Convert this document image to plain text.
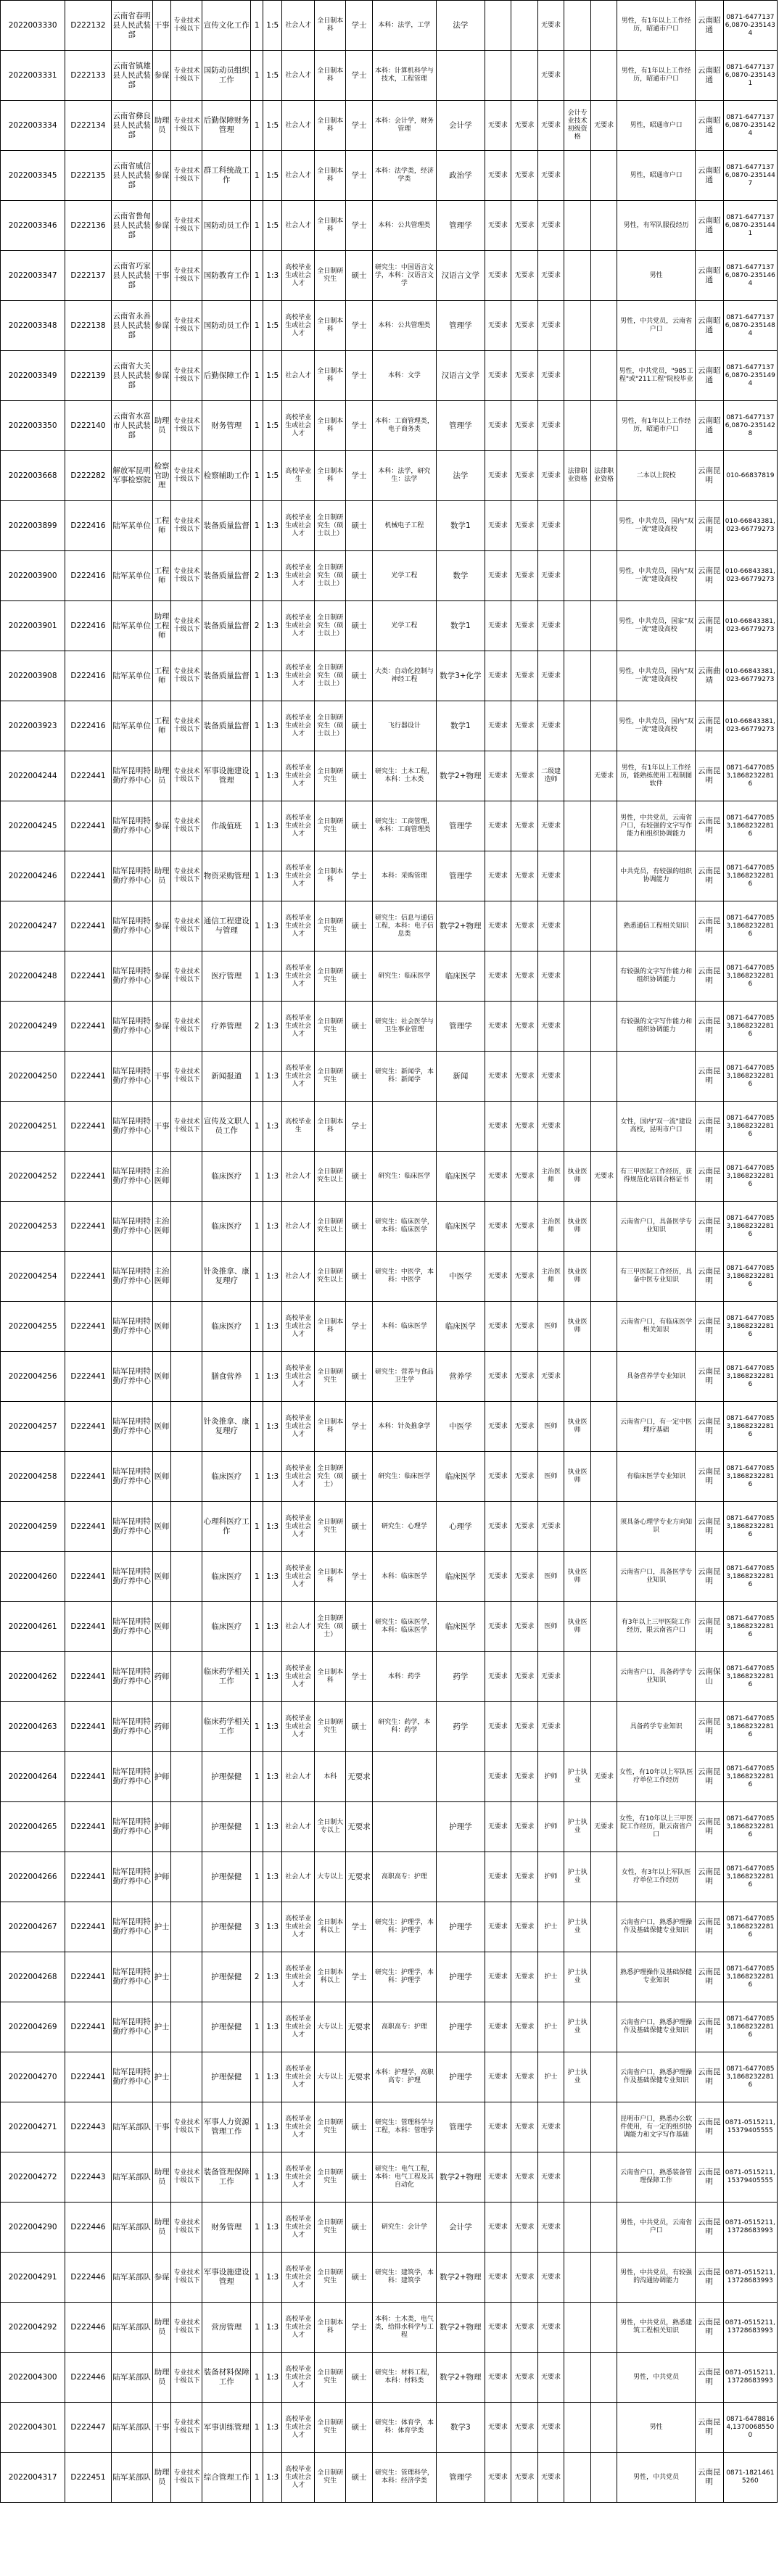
2022003330	D222132	云南省春明县人民武装部	干事	专业技术十级以下	宣传文化工作	1	1:5	社会人才	全日制本科	学士	本科：法学，工学	法学			无要求			男性，有1年以上工作经历，昭通市户口	云南昭通	0871-64771376,0870-2351434
2022003331	D222133	云南省镇雄县人民武装部	参谋	专业技术十级以下	国防动员组织工作	1	1:5	社会人才	全日制本科	学士	本科：计算机科学与技术，工程管理				无要求			男性，有1年以上工作经历，昭通市户口	云南昭通	0871-64771376,0870-2351431
2022003334	D222134	云南省彝良县人民武装部	助理员	专业技术十级以下	后勤保障财务管理	1	1:5	社会人才	全日制本科	学士	本科：会计学，财务管理	会计学	无要求	无要求	无要求	会计专业技术初级资格	无要求	男性，昭通市户口	云南昭通	0871-64771376,0870-2351424
2022003345	D222135	云南省威信县人民武装部	参谋	专业技术十级以下	群工科统战工作	1	1:5	社会人才	全日制本科	学士	本科：法学类，经济学类	政治学	无要求	无要求	无要求			男性，昭通市户口	云南昭通	0871-64771376,0870-2351447
2022003346	D222136	云南省鲁甸县人民武装部	参谋	专业技术十级以下	国防动员工作	1	1:5	社会人才	全日制本科	学士	本科：公共管理类	管理学	无要求	无要求	无要求			男性，有军队服役经历	云南昭通	0871-64771376,0870-2351441
2022003347	D222137	云南省巧家县人民武装部	干事	专业技术十级以下	国防教育工作	1	1:3	高校毕业生或社会人才	全日制研究生	硕士	研究生：中国语言文学，本科：汉语言文学	汉语言文学	无要求	无要求	无要求			男性	云南昭通	0871-64771376,0870-2351464
2022003348	D222138	云南省永善县人民武装部	参谋	专业技术十级以下	国防动员工作	1	1:5	高校毕业生或社会人才	全日制本科	学士	本科：公共管理类	管理学	无要求	无要求	无要求			男性，中共党员，云南省户口	云南昭通	0871-64771376,0870-2351484
2022003349	D222139	云南省大关县人民武装部	参谋	专业技术十级以下	后勤保障工作	1	1:5	社会人才	全日制本科	学士	本科：文学	汉语言文学	无要求	无要求	无要求			男性，中共党员，"985工程"或"211工程"院校毕业	云南昭通	0871-64771376,0870-2351494
2022003350	D222140	云南省水富市人民武装部	助理员	专业技术十级以下	财务管理	1	1:5	高校毕业生或社会人才	全日制本科	学士	本科：工商管理类，电子商务类	管理学	无要求	无要求	无要求			男性，有1年以上工作经历，昭通市户口	云南昭通	0871-64771376,0870-2351428
2022003668	D222282	解放军昆明军事检察院	检察官助理	专业技术十级以下	检察辅助工作	1	1:5	高校毕业生	全日制本科	学士	本科：法学，研究生：法学	法学	无要求	无要求	无要求	法律职业资格	法律职业资格	二本以上院校	云南昆明	010-66837819
2022003899	D222416	陆军某单位	工程师	专业技术十级以下	装备质量监督	1	1:3	高校毕业生或社会人才	全日制研究生（硕士以上）	硕士	机械电子工程	数学1	无要求	无要求	无要求			男性，中共党员，国内"双一流"建设高校	云南昆明	010-66843381,023-66779273
2022003900	D222416	陆军某单位	工程师	专业技术十级以下	装备质量监督	2	1:3	高校毕业生或社会人才	全日制研究生（硕士以上）	硕士	光学工程	数学	无要求	无要求	无要求			男性，中共党员，国内"双一流"建设高校	云南昆明	010-66843381,023-66779273
2022003901	D222416	陆军某单位	助理工程师	专业技术十级以下	装备质量监督	2	1:3	高校毕业生或社会人才	全日制研究生（硕士以上）	硕士	光学工程	数学1	无要求	无要求	无要求			男性，中共党员，国家"双一流"建设高校	云南昆明	010-66843381,023-66779273
2022003908	D222416	陆军某单位	工程师	专业技术十级以下	装备质量监督	1	1:3	高校毕业生或社会人才	全日制研究生（硕士以上）	硕士	大类：自动化控制与神经工程	数学3+化学	无要求	无要求	无要求			男性，中共党员，国内"双一流"建设高校	云南曲靖	010-66843381,023-66779273
2022003923	D222416	陆军某单位	工程师	专业技术十级以下	装备质量监督	1	1:3	高校毕业生或社会人才	全日制研究生（硕士以上）	硕士	飞行器设计	数学1	无要求	无要求	无要求			男性，中共党员，国内"双一流"建设高校	云南昆明	010-66843381,023-66779273
2022004244	D222441	陆军昆明特勤疗养中心	助理员	专业技术十级以下	军事设施建设管理	1	1:3	高校毕业生或社会人才	全日制研究生	硕士	研究生：土木工程，本科：土木类	数学2+物理	无要求	无要求	二级建造师		无要求	男性，有1年以上工作经历，能熟练使用工程制图软件	云南昆明	0871-64770853,18682322816
2022004245	D222441	陆军昆明特勤疗养中心	参谋	专业技术十级以下	作战值班	1	1:3	高校毕业生或社会人才	全日制研究生	硕士	研究生：工商管理，本科：工商管理类	管理学	无要求	无要求	无要求			男性，中共党员，云南省户口，有较强的文字写作能力和组织协调能力	云南昆明	0871-64770853,18682322816
2022004246	D222441	陆军昆明特勤疗养中心	助理员	专业技术十级以下	物资采购管理	1	1:3	高校毕业生或社会人才	全日制本科	学士	本科：采购管理	管理学	无要求	无要求	无要求			中共党员，有较强的组织协调能力	云南昆明	0871-64770853,18682322816
2022004247	D222441	陆军昆明特勤疗养中心	参谋	专业技术十级以下	通信工程建设与管理	1	1:3	高校毕业生或社会人才	全日制研究生	硕士	研究生：信息与通信工程，本科：电子信息类	数学2+物理	无要求	无要求	无要求			熟悉通信工程相关知识	云南昆明	0871-64770853,18682322816
2022004248	D222441	陆军昆明特勤疗养中心	参谋	专业技术十级以下	医疗管理	1	1:3	高校毕业生或社会人才	全日制研究生	硕士	研究生：临床医学	临床医学	无要求	无要求	无要求			有较强的文字写作能力和组织协调能力	云南昆明	0871-64770853,18682322816
2022004249	D222441	陆军昆明特勤疗养中心	参谋	专业技术十级以下	疗养管理	2	1:3	高校毕业生或社会人才	全日制研究生	硕士	研究生：社会医学与卫生事业管理	管理学	无要求	无要求	无要求			有较强的文字写作能力和组织协调能力	云南昆明	0871-64770853,18682322816
2022004250	D222441	陆军昆明特勤疗养中心	干事	专业技术十级以下	新闻报道	1	1:3	高校毕业生或社会人才	全日制研究生	硕士	研究生：新闻学，本科：新闻学	新闻	无要求	无要求	无要求				云南昆明	0871-64770853,18682322816
2022004251	D222441	陆军昆明特勤疗养中心	干事	专业技术十级以下	宣传及文职人员工作	1	1:3	高校毕业生	全日制本科	学士			无要求	无要求	无要求			女性，国内"双一流"建设高校，昆明市户口	云南昆明	0871-64770853,18682322816
2022004252	D222441	陆军昆明特勤疗养中心	主治医师		临床医疗	1	1:3	社会人才	全日制研究生以上	硕士	研究生：临床医学	临床医学	无要求	无要求	主治医师	执业医师	无要求	有三甲医院工作经历，获得规范化培训合格证书	云南昆明	0871-64770853,18682322816
2022004253	D222441	陆军昆明特勤疗养中心	主治医师		临床医疗	1	1:3	社会人才	全日制研究生以上	硕士	研究生：临床医学，本科：临床医学	临床医学	无要求	无要求	主治医师	执业医师		云南省户口，具备医学专业知识	云南昆明	0871-64770853,18682322816
2022004254	D222441	陆军昆明特勤疗养中心	主治医师		针灸推拿、康复理疗	1	1:3	社会人才	全日制研究生以上	硕士	研究生：中医学，本科：中医学	中医学	无要求	无要求	主治医师	执业医师		有三甲医院工作经历，具备中医专业知识	云南昆明	0871-64770853,18682322816
2022004255	D222441	陆军昆明特勤疗养中心	医师		临床医疗	1	1:3	高校毕业生或社会人才	全日制本科	学士	本科：临床医学	临床医学	无要求	无要求	医师	执业医师		云南省户口，有临床医学相关知识	云南昆明	0871-64770853,18682322816
2022004256	D222441	陆军昆明特勤疗养中心	医师		膳食营养	1	1:3	高校毕业生或社会人才	全日制研究生	硕士	研究生：营养与食品卫生学	营养学	无要求	无要求	无要求			具备营养学专业知识	云南昆明	0871-64770853,18682322816
2022004257	D222441	陆军昆明特勤疗养中心	医师		针灸推拿、康复理疗	1	1:3	高校毕业生或社会人才	全日制本科	学士	本科：针灸推拿学	中医学	无要求	无要求	医师	执业医师		云南省户口，有一定中医理疗基础	云南昆明	0871-64770853,18682322816
2022004258	D222441	陆军昆明特勤疗养中心	医师		临床医疗	1	1:3	高校毕业生或社会人才	全日制研究生（硕士）	硕士	研究生：临床医学	临床医学	无要求	无要求	医师	执业医师		有临床医学专业知识	云南昆明	0871-64770853,18682322816
2022004259	D222441	陆军昆明特勤疗养中心	医师		心理科医疗工作	1	1:3	高校毕业生或社会人才	全日制研究生	硕士	研究生：心理学	心理学	无要求	无要求	无要求			须具备心理学专业方向知识	云南昆明	0871-64770853,18682322816
2022004260	D222441	陆军昆明特勤疗养中心	医师		临床医疗	1	1:3	高校毕业生或社会人才	全日制本科	学士	本科：临床医学	临床医学	无要求	无要求	医师	执业医师		云南省户口，具备医学专业知识	云南昆明	0871-64770853,18682322816
2022004261	D222441	陆军昆明特勤疗养中心	医师		临床医疗	1	1:3	社会人才	全日制研究生（硕士）	硕士	研究生：临床医学，本科：临床医学	临床医学	无要求	无要求	医师	执业医师		有3年以上三甲医院工作经历，限云南省户口	云南昆明	0871-64770853,18682322816
2022004262	D222441	陆军昆明特勤疗养中心	药师		临床药学相关工作	1	1:3	高校毕业生或社会人才	全日制本科	学士	本科：药学	药学	无要求	无要求	无要求			云南省户口，具备药学专业知识	云南保山	0871-64770853,18682322816
2022004263	D222441	陆军昆明特勤疗养中心	药师		临床药学相关工作	1	1:3	高校毕业生或社会人才	全日制研究生	硕士	研究生：药学，本科：药学	药学	无要求	无要求	无要求			具备药学专业知识	云南昆明	0871-64770853,18682322816
2022004264	D222441	陆军昆明特勤疗养中心	护师		护理保健	1	1:3	社会人才	本科	无要求			无要求	无要求	护师	护士执业	无要求	女性，有10年以上军队医疗单位工作经历	云南昆明	0871-64770853,18682322816
2022004265	D222441	陆军昆明特勤疗养中心	护师		护理保健	1	1:3	社会人才	全日制大专以上	无要求		护理学	无要求	无要求	护师	护士执业	无要求	女性，有10年以上三甲医院工作经历，限云南省户口	云南昆明	0871-64770853,18682322816
2022004266	D222441	陆军昆明特勤疗养中心	护师		护理保健	1	1:3	社会人才	大专以上	无要求	高职高专：护理		无要求	无要求	护师	护士执业		女性，有3年以上军队医疗单位工作经历	云南昆明	0871-64770853,18682322816
2022004267	D222441	陆军昆明特勤疗养中心	护士		护理保健	3	1:3	高校毕业生或社会人才	全日制本科以上	学士	研究生：护理学，本科：护理学	护理学	无要求	无要求	护士	护士执业		云南省户口，熟悉护理操作及基础保健专业知识	云南昆明	0871-64770853,18682322816
2022004268	D222441	陆军昆明特勤疗养中心	护士		护理保健	2	1:3	高校毕业生或社会人才	全日制本科以上	学士	研究生：护理学，本科：护理学	护理学	无要求	无要求	护士	护士执业		熟悉护理操作及基础保健专业知识	云南昆明	0871-64770853,18682322816
2022004269	D222441	陆军昆明特勤疗养中心	护士		护理保健	1	1:3	高校毕业生或社会人才	大专以上	无要求	高职高专：护理	护理学	无要求	无要求	护士	护士执业		云南省户口，熟悉护理操作及基础保健专业知识	云南昆明	0871-64770853,18682322816
2022004270	D222441	陆军昆明特勤疗养中心	护士		护理保健	1	1:3	高校毕业生或社会人才	大专以上	无要求	本科：护理学，高职高专：护理	护理学	无要求	无要求	护士	护士执业		云南省户口，熟悉护理操作及基础保健专业知识	云南昆明	0871-64770853,18682322816
2022004271	D222443	陆军某部队	干事	专业技术十级以下	军事人力资源管理工作	1	1:3	高校毕业生或社会人才	全日制研究生	硕士	研究生：管理科学与工程，本科：管理学	管理学	无要求	无要求	无要求			昆明市户口，熟悉办公软件使用，有一定的组织协调能力和文字写作基础	云南昆明	0871-0515211,15379405555
2022004272	D222443	陆军某部队	助理员	专业技术十级以下	装备管理保障工作	1	1:3	高校毕业生或社会人才	全日制研究生	硕士	研究生：电气工程，本科：电气工程及其自动化	数学2+物理	无要求	无要求	无要求			云南省户口，熟悉装备管理保障工作	云南昆明	0871-0515211,15379405555
2022004290	D222446	陆军某部队	助理员	专业技术十级以下	财务管理	1	1:3	高校毕业生或社会人才	全日制研究生	硕士	研究生：会计学	会计学	无要求	无要求	无要求			男性，中共党员，云南省户口	云南昆明	0871-0515211,13728683993
2022004291	D222446	陆军某部队	参谋	专业技术十级以下	军事设施建设管理	1	1:3	高校毕业生或社会人才	全日制研究生	硕士	研究生：建筑学，本科：建筑学	数学2+物理	无要求	无要求	无要求			男性，中共党员，有较强的沟通协调能力	云南昆明	0871-0515211,13728683993
2022004292	D222446	陆军某部队	助理员	专业技术十级以下	营房管理	1	1:3	高校毕业生或社会人才	全日制本科	学士	本科：土木类，电气类，给排水科学与工程	数学2+物理	无要求	无要求	无要求			男性，中共党员，熟悉建筑工程相关知识	云南昆明	0871-0515211,13728683993
2022004300	D222446	陆军某部队	助理员	专业技术十级以下	装备材料保障工作	1	1:3	高校毕业生或社会人才	全日制研究生	硕士	研究生：材料工程，本科：材料类	数学2+物理	无要求	无要求	无要求			男性，中共党员	云南昆明	0871-0515211,13728683993
2022004301	D222447	陆军某部队	干事	专业技术十级以下	军事训练管理	1	1:3	高校毕业生或社会人才	全日制研究生	硕士	研究生：体育学，本科：体育学类	数学3	无要求	无要求	无要求			男性	云南昆明	0871-64788164,13700685500
2022004317	D222451	陆军某部队	助理员	专业技术十级以下	综合管理工作	1	1:3	高校毕业生或社会人才	全日制研究生	硕士	研究生：管理科学，本科：经济学类	管理学	无要求	无要求	无要求			男性，中共党员	云南昆明	0871-18214615260
